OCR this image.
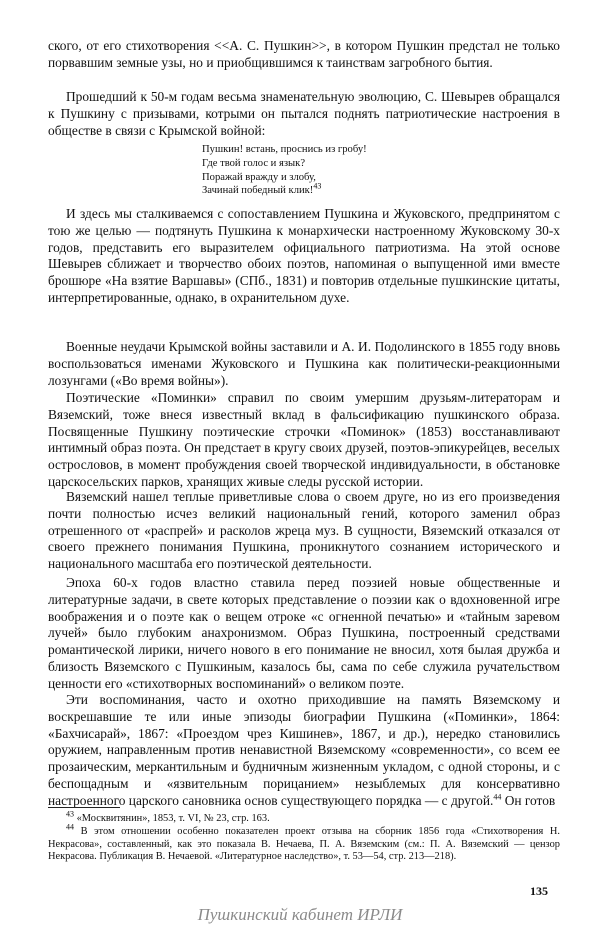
ского, от его стихотворения <<А. С. Пушкин>>, в котором Пушкин предстал не только порвавшим земные узы, но и приобщившимся к таинствам загробного бытия.

Прошедший к 50-м годам весьма знаменательную эволюцию, С. Шевырев обращался к Пушкину с призывами, котрыми он пытался поднять патриотические настроения в обществе в связи с Крымской войной:

Пушкин! встань, проснись из гробу!
Где твой голос и язык?
Поражай вражду и злобу,
Зачинай победный клик!$^{43}$

И здесь мы сталкиваемся с сопоставлением Пушкина и Жуковского, предпринятом с тою же целью — подтянуть Пушкина к монархически настроенному Жуковскому 30-х годов, представить его выразителем официального патриотизма. На этой основе Шевырев сближает и творчество обоих поэтов, напоминая о выпущенной ими вместе брошюре «На взятие Варшавы» (СПб., 1831) и повторив отдельные пушкинские цитаты, интерпретированные, однако, в охранительном духе.

Военные неудачи Крымской войны заставили и А. И. Подолинского в 1855 году вновь воспользоваться именами Жуковского и Пушкина как политически-реакционными лозунгами («Во время войны»).

Поэтические «Поминки» справил по своим умершим друзьям-литераторам и Вяземский, тоже внеся известный вклад в фальсификацию пушкинского образа. Посвященные Пушкину поэтические строчки «Поминок» (1853) восстанавливают интимный образ поэта. Он предстает в кругу своих друзей, поэтов-эпикурейцев, веселых острословов, в момент пробуждения своей творческой индивидуальности, в обстановке царскосельских парков, хранящих живые следы русской истории.

Вяземский нашел теплые приветливые слова о своем друге, но из его произведения почти полностью исчез великий национальный гений, которого заменил образ отрешенного от «распрей» и расколов жреца муз. В сущности, Вяземский отказался от своего прежнего понимания Пушкина, проникнутого сознанием исторического и национального масштаба его поэтической деятельности.

Эпоха 60-х годов властно ставила перед поэзией новые общественные и литературные задачи, в свете которых представление о поэзии как о вдохновенной игре воображения и о поэте как о вещем отроке «с огненной печатью» и «тайным заревом лучей» было глубоким анахронизмом. Образ Пушкина, построенный средствами романтической лирики, ничего нового в его понимание не вносил, хотя былая дружба и близость Вяземского с Пушкиным, казалось бы, сама по себе служила ручательством ценности его «стихотворных воспоминаний» о великом поэте.

Эти воспоминания, часто и охотно приходившие на память Вяземскому и воскрешавшие те или иные эпизоды биографии Пушкина («Поминки», 1864: «Бахчисарай», 1867: «Проездом чрез Кишинев», 1867, и др.), нередко становились оружием, направленным против ненавистной Вяземскому «современности», со всем ее прозаическим, меркантильным и будничным жизненным укладом, с одной стороны, и с беспощадным и «язвительным порицанием» незыблемых для консервативно настроенного царского сановника основ существующего порядка — с другой.$^{44}$ Он готов

$^{43}$ «Москвитянин», 1853, т. VI, № 23, стр. 163.

$^{44}$ В этом отношении особенно показателен проект отзыва на сборник 1856 года «Стихотворения Н. Некрасова», составленный, как это показала В. Нечаева, П. А. Вяземским (см.: П. А. Вяземский — цензор Некрасова. Публикация В. Нечаевой. «Литературное наследство», т. 53—54, стр. 213—218).

135
Пушкинский кабинет ИРЛИ
